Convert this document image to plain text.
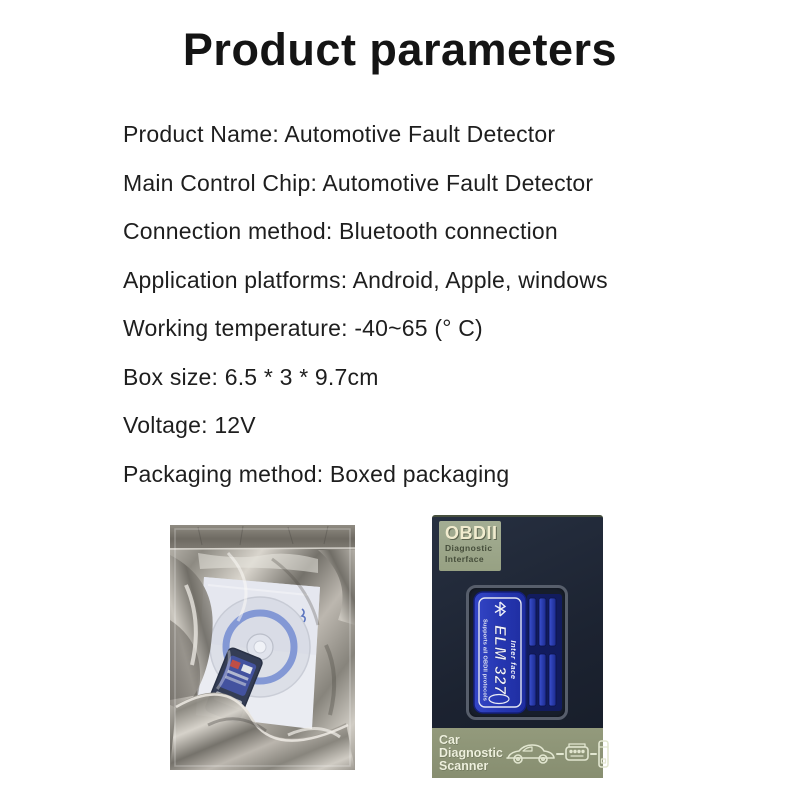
Product parameters
Product Name: Automotive Fault Detector
Main Control Chip: Automotive Fault Detector
Connection method: Bluetooth connection
Application platforms: Android, Apple, windows
Working temperature: -40~65 (° C)
Box size: 6.5 * 3 * 9.7cm
Voltage: 12V
Packaging method: Boxed packaging
OBDII
Diagnostic
Interface
ELM 327 Inter face
Supports all OBDII protocols
Car
Diagnostic
Scanner
